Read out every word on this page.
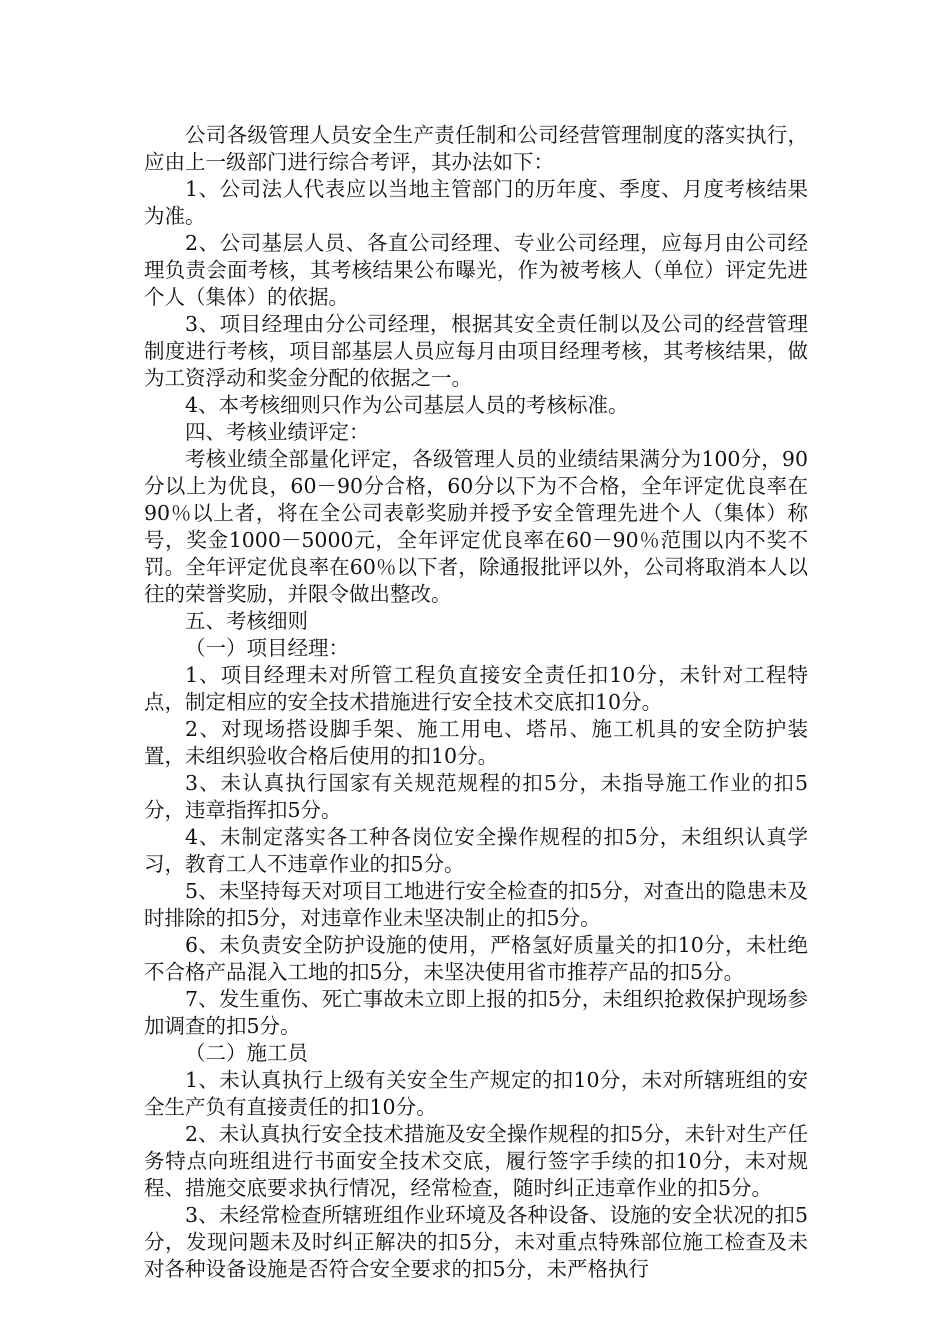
公司各级管理人员安全生产责任制和公司经营管理制度的落实执行，应由上一级部门进行综合考评，其办法如下：

1、公司法人代表应以当地主管部门的历年度、季度、月度考核结果为准。

2、公司基层人员、各直公司经理、专业公司经理，应每月由公司经理负责会面考核，其考核结果公布曝光，作为被考核人（单位）评定先进个人（集体）的依据。

3、项目经理由分公司经理，根据其安全责任制以及公司的经营管理制度进行考核，项目部基层人员应每月由项目经理考核，其考核结果，做为工资浮动和奖金分配的依据之一。

4、本考核细则只作为公司基层人员的考核标准。

四、考核业绩评定：

考核业绩全部量化评定，各级管理人员的业绩结果满分为100分，90分以上为优良，60－90分合格，60分以下为不合格，全年评定优良率在90％以上者，将在全公司表彰奖励并授予安全管理先进个人（集体）称号，奖金1000－5000元，全年评定优良率在60－90％范围以内不奖不罚。全年评定优良率在60％以下者，除通报批评以外，公司将取消本人以往的荣誉奖励，并限令做出整改。

五、考核细则

（一）项目经理：

1、项目经理未对所管工程负直接安全责任扣10分，未针对工程特点，制定相应的安全技术措施进行安全技术交底扣10分。

2、对现场搭设脚手架、施工用电、塔吊、施工机具的安全防护装置，未组织验收合格后使用的扣10分。

3、未认真执行国家有关规范规程的扣5分，未指导施工作业的扣5分，违章指挥扣5分。

4、未制定落实各工种各岗位安全操作规程的扣5分，未组织认真学习，教育工人不违章作业的扣5分。

5、未坚持每天对项目工地进行安全检查的扣5分，对查出的隐患未及时排除的扣5分，对违章作业未坚决制止的扣5分。

6、未负责安全防护设施的使用，严格氢好质量关的扣10分，未杜绝不合格产品混入工地的扣5分，未坚决使用省市推荐产品的扣5分。

7、发生重伤、死亡事故未立即上报的扣5分，未组织抢救保护现场参加调查的扣5分。

（二）施工员

1、未认真执行上级有关安全生产规定的扣10分，未对所辖班组的安全生产负有直接责任的扣10分。

2、未认真执行安全技术措施及安全操作规程的扣5分，未针对生产任务特点向班组进行书面安全技术交底，履行签字手续的扣10分，未对规程、措施交底要求执行情况，经常检查，随时纠正违章作业的扣5分。

3、未经常检查所辖班组作业环境及各种设备、设施的安全状况的扣5分，发现问题未及时纠正解决的扣5分，未对重点特殊部位施工检查及未对各种设备设施是否符合安全要求的扣5分，未严格执行
